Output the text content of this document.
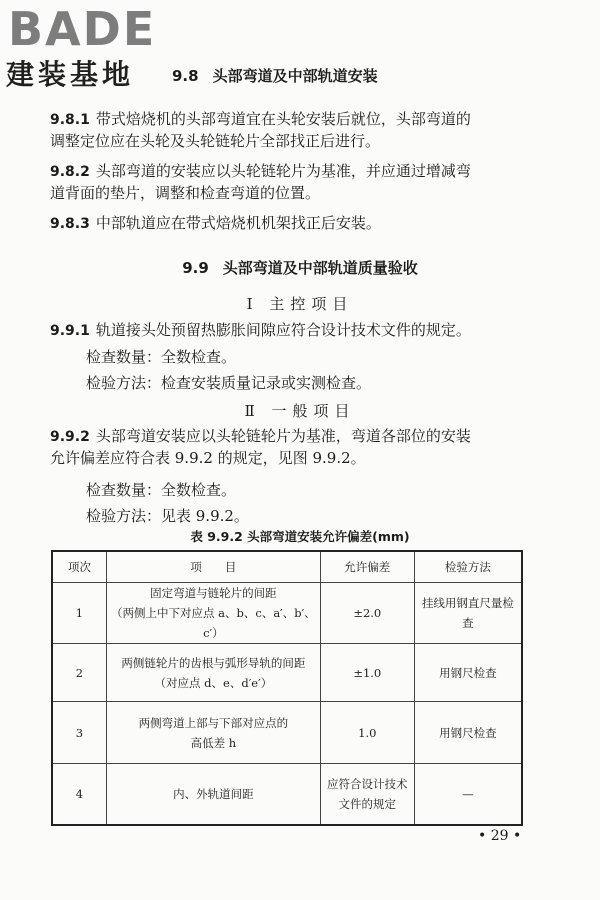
BADE
建装基地	9.8 头部弯道及中部轨道安装
9.8.1 带式焙烧机的头部弯道宜在头轮安装后就位，头部弯道的
调整定位应在头轮及头轮链轮片全部找正后进行。
9.8.2 头部弯道的安装应以头轮链轮片为基准，并应通过增减弯
道背面的垫片，调整和检查弯道的位置。
9.8.3 中部轨道应在带式焙烧机机架找正后安装。
9.9 头部弯道及中部轨道质量验收
Ⅰ 主控项目
9.9.1 轨道接头处预留热膨胀间隙应符合设计技术文件的规定。
检查数量：全数检查。
检验方法：检查安装质量记录或实测检查。
Ⅱ 一般项目
9.9.2 头部弯道安装应以头轮链轮片为基准，弯道各部位的安装
允许偏差应符合表 9.9.2 的规定，见图 9.9.2。
检查数量：全数检查。
检验方法：见表 9.9.2。
表 9.9.2 头部弯道安装允许偏差(mm)
项次	项　　目	允许偏差	检验方法
1	固定弯道与链轮片的间距
（两侧上中下对应点 a、b、c、a′、b′、c′）	±2.0	挂线用钢直尺量检查
2	两侧链轮片的齿根与弧形导轨的间距
（对应点 d、e、d′e′）	±1.0	用钢尺检查
3	两侧弯道上部与下部对应点的
高低差 h	1.0	用钢尺检查
4	内、外轨道间距	应符合设计技术
文件的规定	—
• 29 •
